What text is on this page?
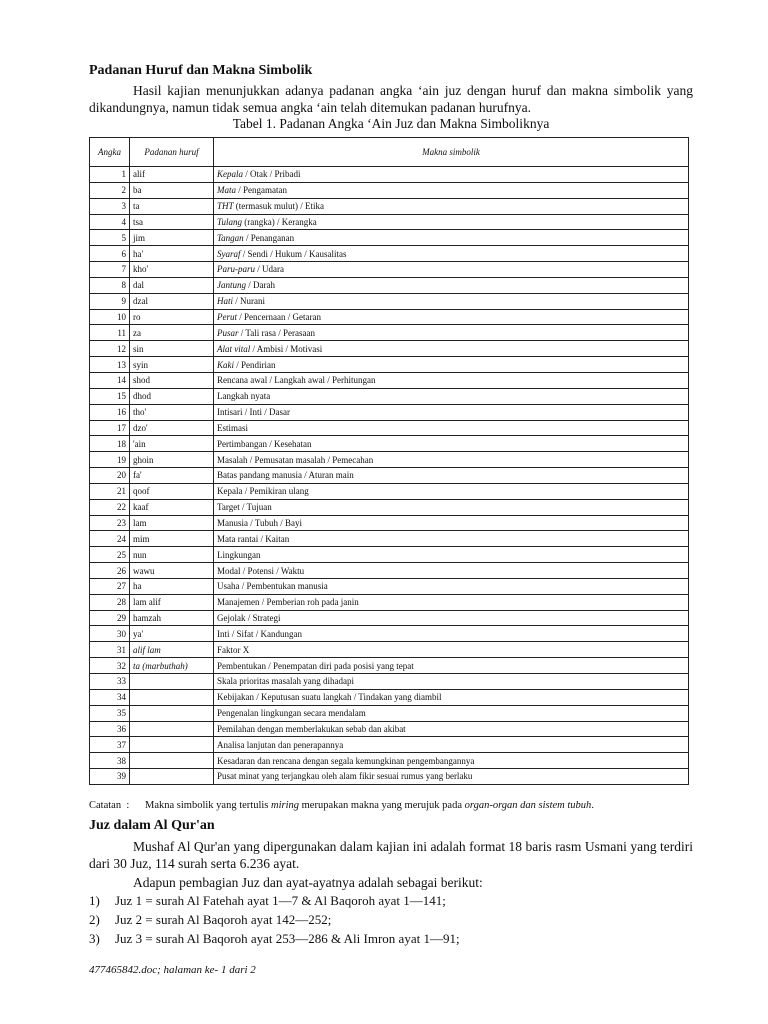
Padanan Huruf dan Makna Simbolik
Hasil kajian menunjukkan adanya padanan angka ‘ain juz dengan huruf dan makna simbolik yang dikandungnya, namun tidak semua angka ‘ain telah ditemukan padanan hurufnya.
Tabel 1. Padanan Angka ‘Ain Juz dan Makna Simboliknya
Angka	Padanan huruf	Makna simbolik
1	alif	Kepala / Otak / Pribadi
2	ba	Mata / Pengamatan
3	ta	THT (termasuk mulut) / Etika
4	tsa	Tulang (rangka) / Kerangka
5	jim	Tangan / Penanganan
6	ha'	Syaraf / Sendi / Hukum / Kausalitas
7	kho'	Paru-paru / Udara
8	dal	Jantung / Darah
9	dzal	Hati / Nurani
10	ro	Perut / Pencernaan / Getaran
11	za	Pusar / Tali rasa / Perasaan
12	sin	Alat vital / Ambisi / Motivasi
13	syin	Kaki / Pendirian
14	shod	Rencana awal / Langkah awal / Perhitungan
15	dhod	Langkah nyata
16	tho'	Intisari / Inti / Dasar
17	dzo'	Estimasi
18	'ain	Pertimbangan / Kesehatan
19	ghoin	Masalah / Pemusatan masalah / Pemecahan
20	fa'	Batas pandang manusia / Aturan main
21	qoof	Kepala / Pemikiran ulang
22	kaaf	Target / Tujuan
23	lam	Manusia / Tubuh / Bayi
24	mim	Mata rantai / Kaitan
25	nun	Lingkungan
26	wawu	Modal / Potensi / Waktu
27	ha	Usaha / Pembentukan manusia
28	lam alif	Manajemen / Pemberian roh pada janin
29	hamzah	Gejolak / Strategi
30	ya'	Inti / Sifat / Kandungan
31	alif lam	Faktor X
32	ta (marbuthah)	Pembentukan / Penempatan diri pada posisi yang tepat
33		Skala prioritas masalah yang dihadapi
34		Kebijakan / Keputusan suatu langkah / Tindakan yang diambil
35		Pengenalan lingkungan secara mendalam
36		Pemilahan dengan memberlakukan sebab dan akibat
37		Analisa lanjutan dan penerapannya
38		Kesadaran dan rencana dengan segala kemungkinan pengembangannya
39		Pusat minat yang terjangkau oleh alam fikir sesuai rumus yang berlaku
Catatan : Makna simbolik yang tertulis miring merupakan makna yang merujuk pada organ-organ dan sistem tubuh.
Juz dalam Al Qur'an
Mushaf Al Qur'an yang dipergunakan dalam kajian ini adalah format 18 baris rasm Usmani yang terdiri dari 30 Juz, 114 surah serta 6.236 ayat.
Adapun pembagian Juz dan ayat-ayatnya adalah sebagai berikut:
1) Juz 1 = surah Al Fatehah ayat 1—7 & Al Baqoroh ayat 1—141;
2) Juz 2 = surah Al Baqoroh ayat 142—252;
3) Juz 3 = surah Al Baqoroh ayat 253—286 & Ali Imron ayat 1—91;
477465842.doc; halaman ke- 1 dari 2
